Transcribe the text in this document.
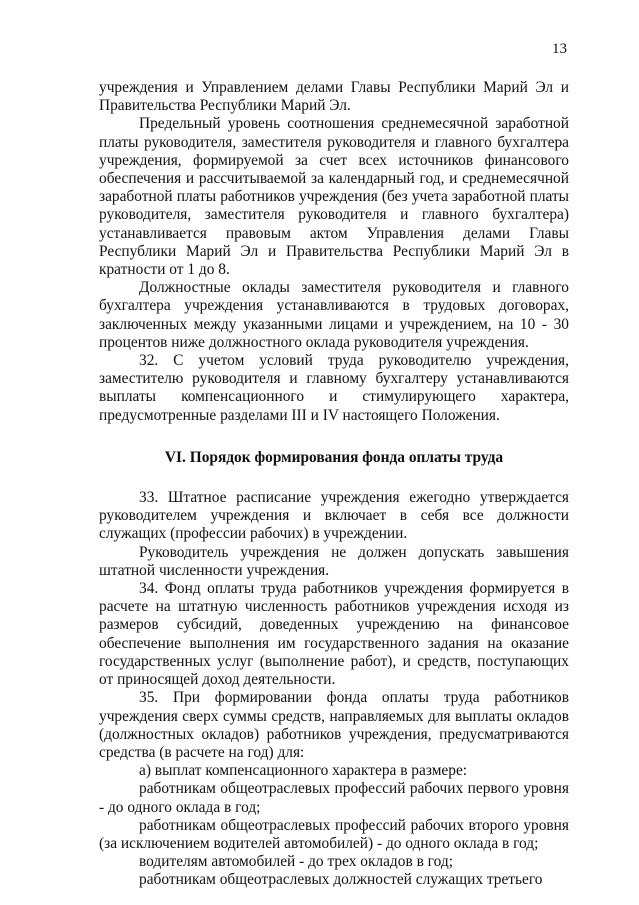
13

учреждения и Управлением делами Главы Республики Марий Эл и Правительства Республики Марий Эл.

Предельный уровень соотношения среднемесячной заработной платы руководителя, заместителя руководителя и главного бухгалтера учреждения, формируемой за счет всех источников финансового обеспечения и рассчитываемой за календарный год, и среднемесячной заработной платы работников учреждения (без учета заработной платы руководителя, заместителя руководителя и главного бухгалтера) устанавливается правовым актом Управления делами Главы Республики Марий Эл и Правительства Республики Марий Эл в кратности от 1 до 8.

Должностные оклады заместителя руководителя и главного бухгалтера учреждения устанавливаются в трудовых договорах, заключенных между указанными лицами и учреждением, на 10 - 30 процентов ниже должностного оклада руководителя учреждения.

32. С учетом условий труда руководителю учреждения, заместителю руководителя и главному бухгалтеру устанавливаются выплаты компенсационного и стимулирующего характера, предусмотренные разделами III и IV настоящего Положения.

VI. Порядок формирования фонда оплаты труда

33. Штатное расписание учреждения ежегодно утверждается руководителем учреждения и включает в себя все должности служащих (профессии рабочих) в учреждении.

Руководитель учреждения не должен допускать завышения штатной численности учреждения.

34. Фонд оплаты труда работников учреждения формируется в расчете на штатную численность работников учреждения исходя из размеров субсидий, доведенных учреждению на финансовое обеспечение выполнения им государственного задания на оказание государственных услуг (выполнение работ), и средств, поступающих от приносящей доход деятельности.

35. При формировании фонда оплаты труда работников учреждения сверх суммы средств, направляемых для выплаты окладов (должностных окладов) работников учреждения, предусматриваются средства (в расчете на год) для:

а) выплат компенсационного характера в размере:

работникам общеотраслевых профессий рабочих первого уровня - до одного оклада в год;

работникам общеотраслевых профессий рабочих второго уровня (за исключением водителей автомобилей) - до одного оклада в год;

водителям автомобилей - до трех окладов в год;

работникам общеотраслевых должностей служащих третьего
